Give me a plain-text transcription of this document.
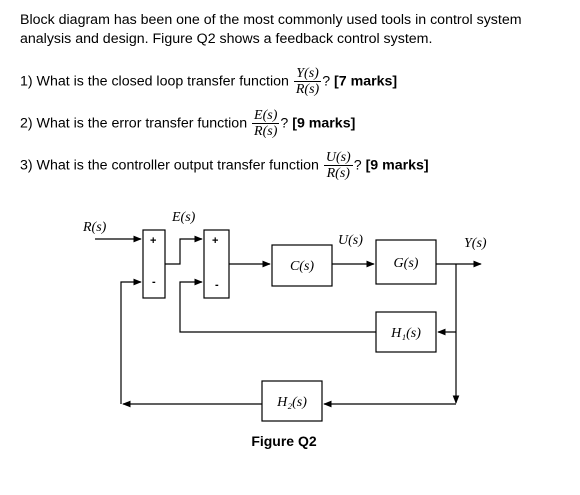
Block diagram has been one of the most commonly used tools in control system analysis and design. Figure Q2 shows a feedback control system.
1) What is the closed loop transfer function $\frac{Y(s)}{R(s)}$ ? [7 marks]
2) What is the error transfer function $\frac{E(s)}{R(s)}$ ? [9 marks]
3) What is the controller output transfer function $\frac{U(s)}{R(s)}$ ? [9 marks]
+
-
+
-
R(s)
E(s)
U(s)	Y(s)
C(s)	G(s)
H₁(s)
H₂(s)
Figure Q2
